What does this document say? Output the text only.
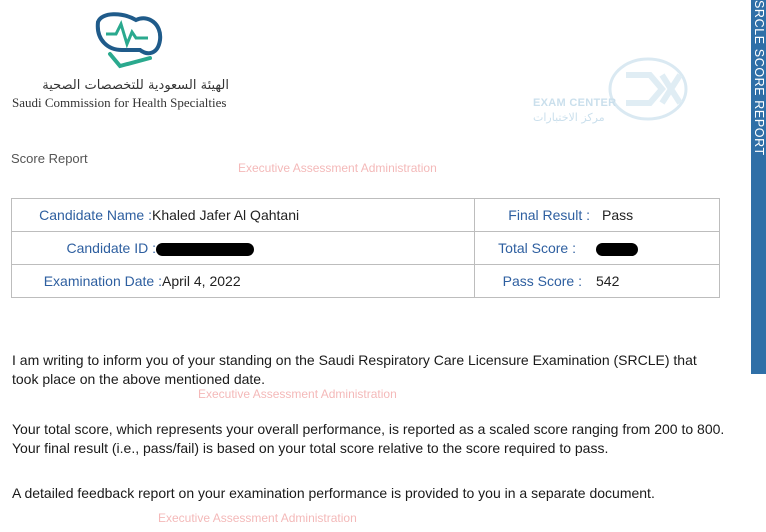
الهيئة السعودية للتخصصات الصحية
Saudi Commission for Health Specialties	EXAM CENTER
مركز الاختبارات
Score Report
Executive Assessment Administration
Executive Assessment Administration
Executive Assessment Administration
SRCLE SCORE REPORT
Candidate Name :Khaled Jafer Al Qahtani	Final Result : Pass
Candidate ID :	Total Score :
Examination Date :April 4, 2022	Pass Score : 542
I am writing to inform you of your standing on the Saudi Respiratory Care Licensure Examination (SRCLE) that took place on the above mentioned date.
Your total score, which represents your overall performance, is reported as a scaled score ranging from 200 to 800. Your final result (i.e., pass/fail) is based on your total score relative to the score required to pass.
A detailed feedback report on your examination performance is provided to you in a separate document.
